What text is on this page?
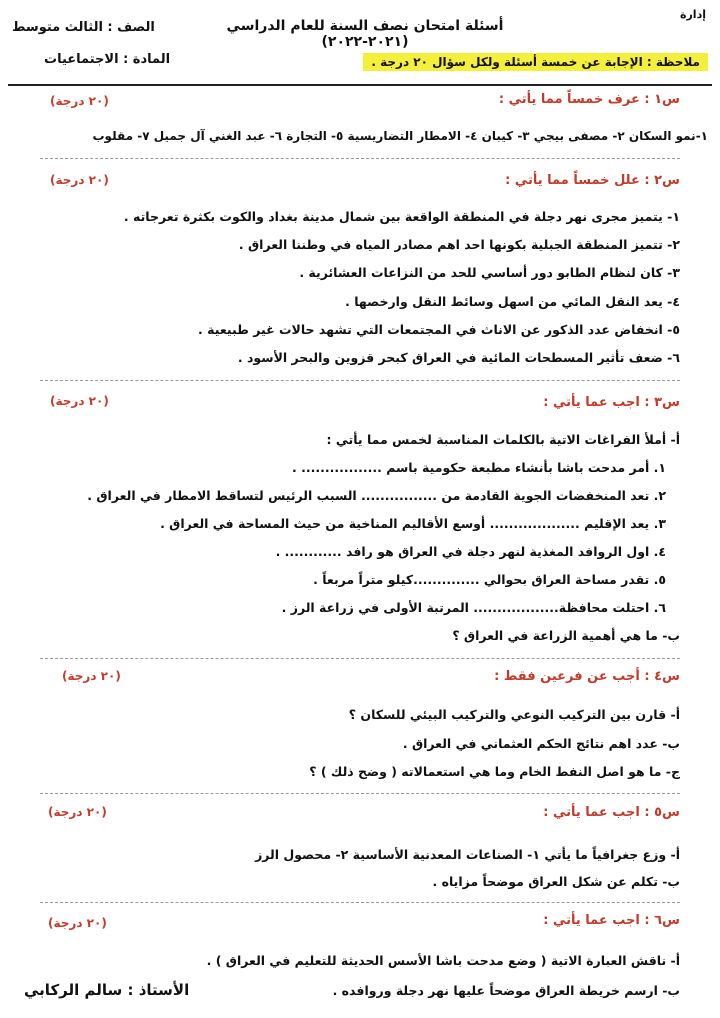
إدارة
أسئلة امتحان نصف السنة للعام الدراسي (٢٠٢١-٢٠٢٢)
الصف : الثالث متوسط
المادة : الاجتماعيات	ملاحظة : الإجابة عن خمسة أسئلة ولكل سؤال ٢٠ درجة .
س١ : عرف خمساً مما يأتي :
(٢٠ درجة)
١-نمو السكان ٢- مصفى بيجي ٣- كيبان ٤- الامطار التضاريسية ٥- التجارة ٦- عبد الغني آل جميل ٧- مقلوب
س٢ : علل خمساً مما يأتي :
(٢٠ درجة)
١- يتميز مجرى نهر دجلة في المنطقة الواقعة بين شمال مدينة بغداد والكوت بكثرة تعرجاته .
٢- تتميز المنطقة الجبلية بكونها احد اهم مصادر المياه في وطننا العراق .
٣- كان لنظام الطابو دور أساسي للحد من النزاعات العشائرية .
٤- يعد النقل المائي من اسهل وسائط النقل وارخصها .
٥- انخفاض عدد الذكور عن الاناث في المجتمعات التي تشهد حالات غير طبيعية .
٦- ضعف تأثير المسطحات المائية في العراق كبحر قزوين والبحر الأسود .
س٣ : اجب عما يأتي :
(٢٠ درجة)
أ- أملأ الفراغات الاتية بالكلمات المناسبة لخمس مما يأتي :
١. أمر مدحت باشا بأنشاء مطبعة حكومية باسم ................. .
٢. تعد المنخفضات الجوية القادمة من ................ السبب الرئيس لتساقط الامطار في العراق .
٣. يعد الإقليم ................... أوسع الأقاليم المناخية من حيث المساحة في العراق .
٤. اول الروافد المغذية لنهر دجلة في العراق هو رافد ............ .
٥. تقدر مساحة العراق بحوالي ..............كيلو متراً مربعاً .
٦. احتلت محافظة.................. المرتبة الأولى في زراعة الرز .
ب- ما هي أهمية الزراعة في العراق ؟
س٤ : أجب عن فرعين فقط :
(٢٠ درجة)
أ- قارن بين التركيب النوعي والتركيب البيئي للسكان ؟
ب- عدد اهم نتائج الحكم العثماني في العراق .
ج- ما هو اصل النفط الخام وما هي استعمالاته ( وضح ذلك ) ؟
س٥ : اجب عما يأتي :
(٢٠ درجة)
أ- وزع جغرافياً ما يأتي ١- الصناعات المعدنية الأساسية ٢- محصول الرز
ب- تكلم عن شكل العراق موضحاً مزاياه .
س٦ : اجب عما يأتي :
(٢٠ درجة)
أ- ناقش العبارة الاتية ( وضع مدحت باشا الأسس الحديثة للتعليم في العراق ) .
ب- ارسم خريطة العراق موضحاً عليها نهر دجلة وروافده .
الأستاذ : سالم الركابي
